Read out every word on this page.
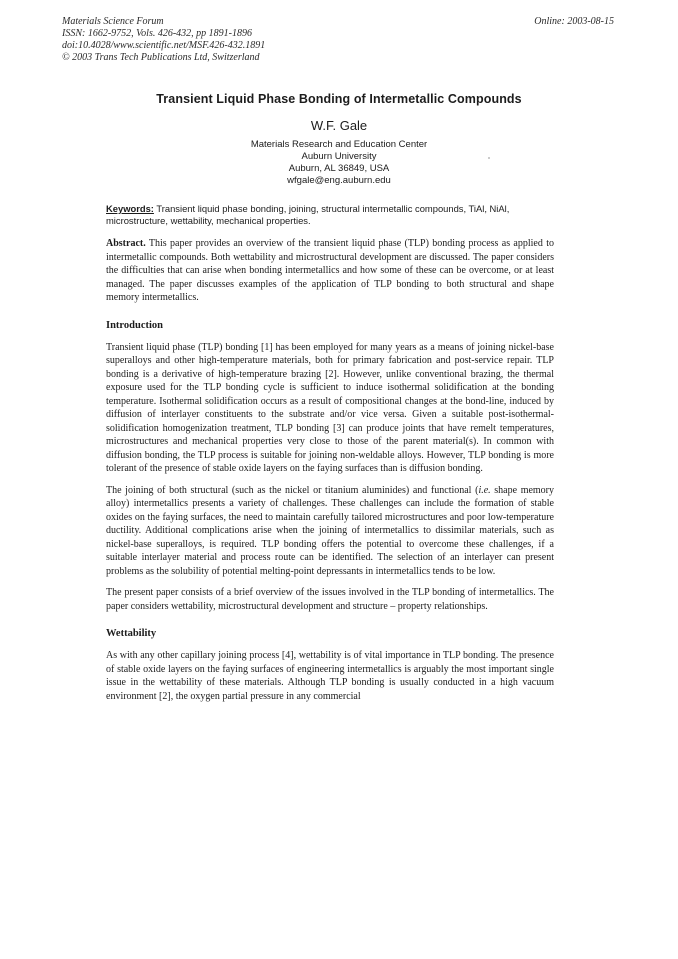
Materials Science Forum
ISSN: 1662-9752, Vols. 426-432, pp 1891-1896
doi:10.4028/www.scientific.net/MSF.426-432.1891
© 2003 Trans Tech Publications Ltd, Switzerland
Online: 2003-08-15
Transient Liquid Phase Bonding of Intermetallic Compounds
W.F. Gale
Materials Research and Education Center
Auburn University
Auburn, AL 36849, USA
wfgale@eng.auburn.edu
Keywords: Transient liquid phase bonding, joining, structural intermetallic compounds, TiAl, NiAl, microstructure, wettability, mechanical properties.

Abstract. This paper provides an overview of the transient liquid phase (TLP) bonding process as applied to intermetallic compounds. Both wettability and microstructural development are discussed. The paper considers the difficulties that can arise when bonding intermetallics and how some of these can be overcome, or at least managed. The paper discusses examples of the application of TLP bonding to both structural and shape memory intermetallics.

Introduction

Transient liquid phase (TLP) bonding [1] has been employed for many years as a means of joining nickel-base superalloys and other high-temperature materials, both for primary fabrication and post-service repair. TLP bonding is a derivative of high-temperature brazing [2]. However, unlike conventional brazing, the thermal exposure used for the TLP bonding cycle is sufficient to induce isothermal solidification at the bonding temperature. Isothermal solidification occurs as a result of compositional changes at the bond-line, induced by diffusion of interlayer constituents to the substrate and/or vice versa. Given a suitable post-isothermal-solidification homogenization treatment, TLP bonding [3] can produce joints that have remelt temperatures, microstructures and mechanical properties very close to those of the parent material(s). In common with diffusion bonding, the TLP process is suitable for joining non-weldable alloys. However, TLP bonding is more tolerant of the presence of stable oxide layers on the faying surfaces than is diffusion bonding.

The joining of both structural (such as the nickel or titanium aluminides) and functional (i.e. shape memory alloy) intermetallics presents a variety of challenges. These challenges can include the formation of stable oxides on the faying surfaces, the need to maintain carefully tailored microstructures and poor low-temperature ductility. Additional complications arise when the joining of intermetallics to dissimilar materials, such as nickel-base superalloys, is required. TLP bonding offers the potential to overcome these challenges, if a suitable interlayer material and process route can be identified. The selection of an interlayer can present problems as the solubility of potential melting-point depressants in intermetallics tends to be low.

The present paper consists of a brief overview of the issues involved in the TLP bonding of intermetallics. The paper considers wettability, microstructural development and structure – property relationships.

Wettability

As with any other capillary joining process [4], wettability is of vital importance in TLP bonding. The presence of stable oxide layers on the faying surfaces of engineering intermetallics is arguably the most important single issue in the wettability of these materials. Although TLP bonding is usually conducted in a high vacuum environment [2], the oxygen partial pressure in any commercial
